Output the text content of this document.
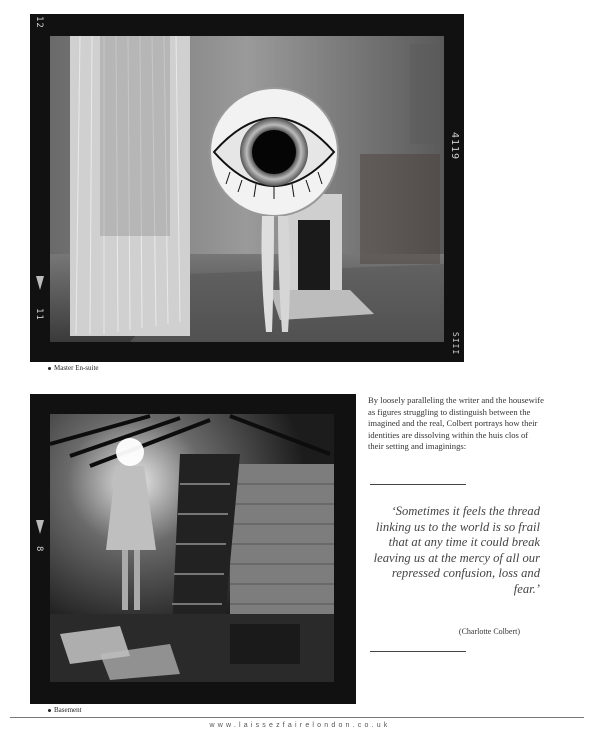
12
11
4119
SIII
Master En-suite
8
Basement

By loosely paralleling the writer and the housewife as figures struggling to distinguish between the imagined and the real, Colbert portrays how their identities are dissolving within the huis clos of their setting and imaginings:

‘Sometimes it feels the thread linking us to the world is so frail that at any time it could break leaving us at the mercy of all our repressed confusion, loss and fear.’

(Charlotte Colbert)
www.laissezfairelondon.co.uk
